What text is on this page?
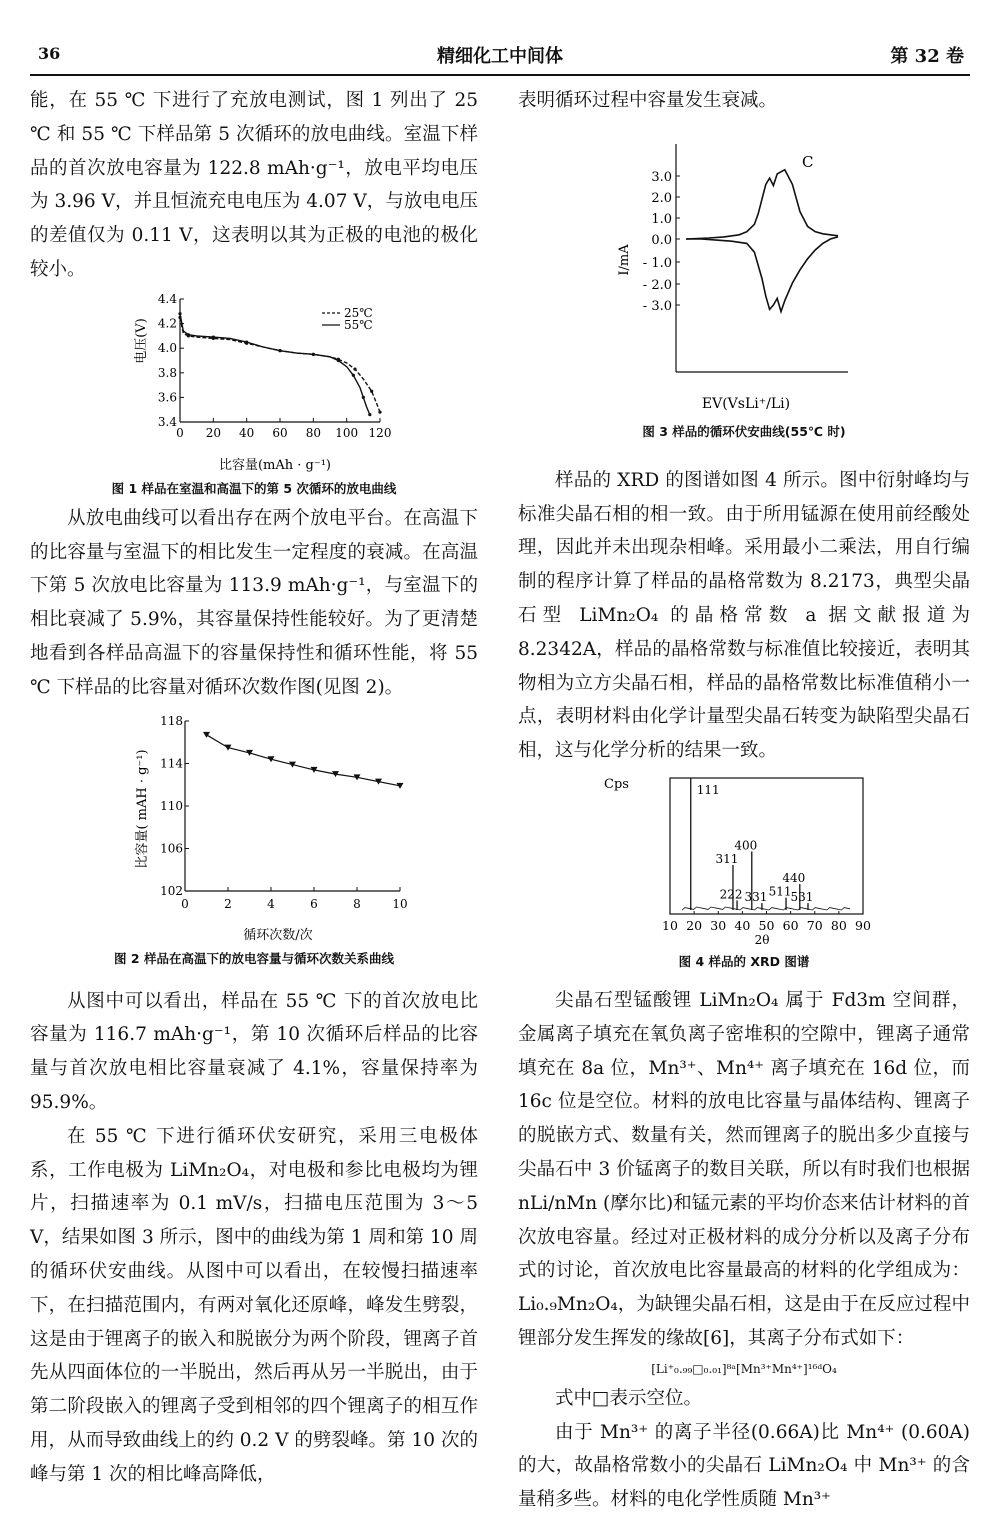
36	精细化工中间体	第 32 卷

能，在 55 ℃ 下进行了充放电测试，图 1 列出了 25 ℃ 和 55 ℃ 下样品第 5 次循环的放电曲线。室温下样品的首次放电容量为 122.8 mAh·g⁻¹，放电平均电压为 3.96 V，并且恒流充电电压为 4.07 V，与放电电压的差值仅为 0.11 V，这表明以其为正极的电池的极化较小。

3.4
3.6
3.8
4.0
4.2
4.4
0 20 40 60 80 100 120
25℃
55℃
电压(V)
比容量(mAh · g⁻¹)
图 1 样品在室温和高温下的第 5 次循环的放电曲线

从放电曲线可以看出存在两个放电平台。在高温下的比容量与室温下的相比发生一定程度的衰减。在高温下第 5 次放电比容量为 113.9 mAh·g⁻¹，与室温下的相比衰减了 5.9%，其容量保持性能较好。为了更清楚地看到各样品高温下的容量保持性和循环性能，将 55 ℃ 下样品的比容量对循环次数作图(见图 2)。

102
106
110
114
118
0	2	4	6	8	10
比容量( mAH · g⁻¹)
循环次数/次
图 2 样品在高温下的放电容量与循环次数关系曲线

从图中可以看出，样品在 55 ℃ 下的首次放电比容量为 116.7 mAh·g⁻¹，第 10 次循环后样品的比容量与首次放电相比容量衰减了 4.1%，容量保持率为 95.9%。

在 55 ℃ 下进行循环伏安研究，采用三电极体系，工作电极为 LiMn₂O₄，对电极和参比电极均为锂片，扫描速率为 0.1 mV/s，扫描电压范围为 3～5 V，结果如图 3 所示，图中的曲线为第 1 周和第 10 周的循环伏安曲线。从图中可以看出，在较慢扫描速率下，在扫描范围内，有两对氧化还原峰，峰发生劈裂，这是由于锂离子的嵌入和脱嵌分为两个阶段，锂离子首先从四面体位的一半脱出，然后再从另一半脱出，由于第二阶段嵌入的锂离子受到相邻的四个锂离子的相互作用，从而导致曲线上的约 0.2 V 的劈裂峰。第 10 次的峰与第 1 次的相比峰高降低，

表明循环过程中容量发生衰减。

3.0
2.0
1.0
0.0
- 1.0
- 2.0
- 3.0
C
I/mA
EV(VsLi⁺/Li)
图 3 样品的循环伏安曲线(55℃ 时)

样品的 XRD 的图谱如图 4 所示。图中衍射峰均与标准尖晶石相的相一致。由于所用锰源在使用前经酸处理，因此并未出现杂相峰。采用最小二乘法，用自行编制的程序计算了样品的晶格常数为 8.2173，典型尖晶石型 LiMn₂O₄ 的晶格常数 a 据文献报道为 8.2342A，样品的晶格常数与标准值比较接近，表明其物相为立方尖晶石相，样品的晶格常数比标准值稍小一点，表明材料由化学计量型尖晶石转变为缺陷型尖晶石相，这与化学分析的结果一致。

10 20 30 40 50 60 70 80 90
111
311
222
400
331 511
440
531
Cps
2θ
图 4 样品的 XRD 图谱

尖晶石型锰酸锂 LiMn₂O₄ 属于 Fd3m 空间群，金属离子填充在氧负离子密堆积的空隙中，锂离子通常填充在 8a 位，Mn³⁺、Mn⁴⁺ 离子填充在 16d 位，而 16c 位是空位。材料的放电比容量与晶体结构、锂离子的脱嵌方式、数量有关，然而锂离子的脱出多少直接与尖晶石中 3 价锰离子的数目关联，所以有时我们也根据 nLi/nMn (摩尔比)和锰元素的平均价态来估计材料的首次放电容量。经过对正极材料的成分分析以及离子分布式的讨论，首次放电比容量最高的材料的化学组成为：Li₀.₉Mn₂O₄，为缺锂尖晶石相，这是由于在反应过程中锂部分发生挥发的缘故[6]，其离子分布式如下：

[Li⁺₀.₉₉□₀.₀₁]⁸ᵃ[Mn³⁺Mn⁴⁺]¹⁶ᵈO₄

式中□表示空位。

由于 Mn³⁺ 的离子半径(0.66A)比 Mn⁴⁺ (0.60A)的大，故晶格常数小的尖晶石 LiMn₂O₄ 中 Mn³⁺ 的含量稍多些。材料的电化学性质随 Mn³⁺
